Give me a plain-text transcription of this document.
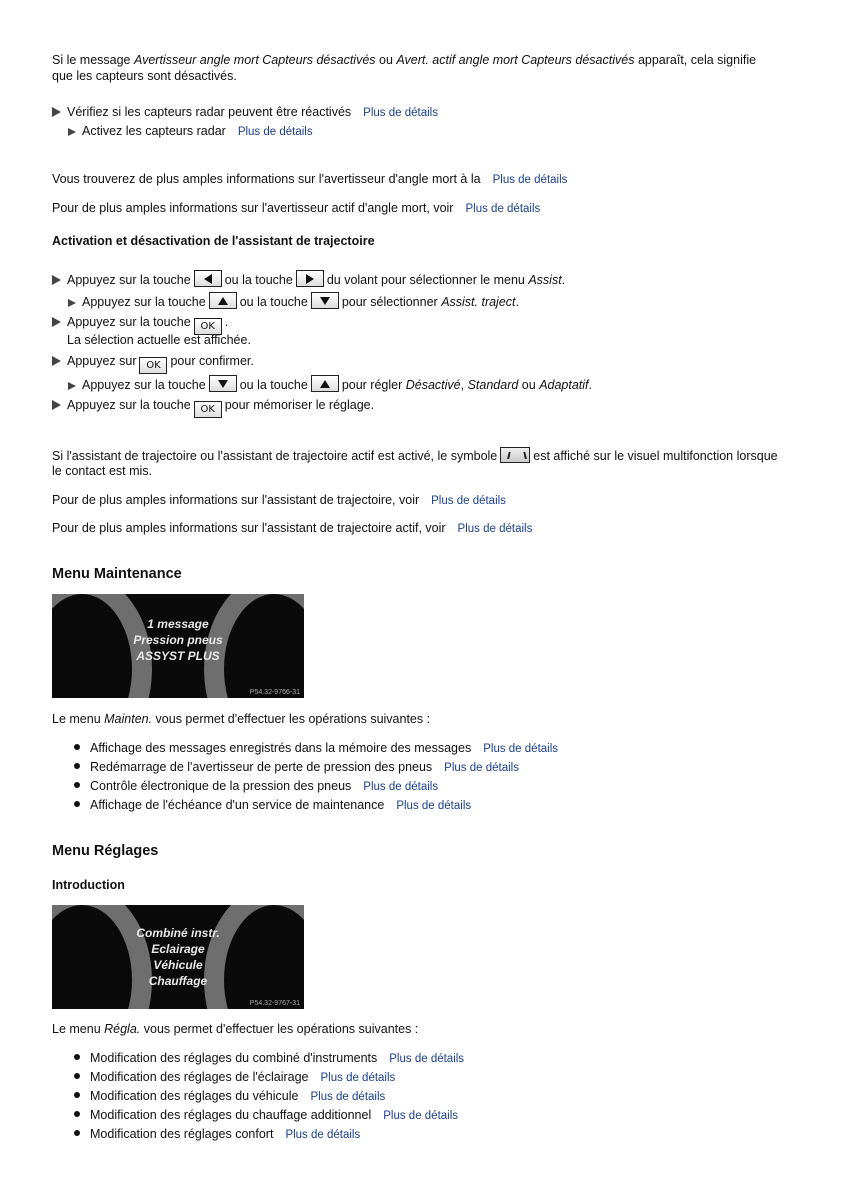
Si le message Avertisseur angle mort Capteurs désactivés ou Avert. actif angle mort Capteurs désactivés apparaît, cela signifie
que les capteurs sont désactivés.
Vérifiez si les capteurs radar peuvent être réactivés Plus de détails
Activez les capteurs radar Plus de détails
Vous trouverez de plus amples informations sur l'avertisseur d'angle mort à la Plus de détails
Pour de plus amples informations sur l'avertisseur actif d'angle mort, voir Plus de détails
Activation et désactivation de l'assistant de trajectoire
Appuyez sur la touche	ou la touche	du volant pour sélectionner le menu Assist.
Appuyez sur la touche	ou la touche	pour sélectionner Assist. traject.
Appuyez sur la touche OK .
La sélection actuelle est affichée.
Appuyez sur OK pour confirmer.
Appuyez sur la touche	ou la touche	pour régler Désactivé, Standard ou Adaptatif.
Appuyez sur la touche OK pour mémoriser le réglage.
Si l'assistant de trajectoire ou l'assistant de trajectoire actif est activé, le symbole	est affiché sur le visuel multifonction lorsque
le contact est mis.
Pour de plus amples informations sur l'assistant de trajectoire, voir Plus de détails
Pour de plus amples informations sur l'assistant de trajectoire actif, voir Plus de détails
Menu Maintenance
1 message
Pression pneus
ASSYST PLUS
P54.32-9766-31
Le menu Mainten. vous permet d'effectuer les opérations suivantes :
Affichage des messages enregistrés dans la mémoire des messages Plus de détails
Redémarrage de l'avertisseur de perte de pression des pneus Plus de détails
Contrôle électronique de la pression des pneus Plus de détails
Affichage de l'échéance d'un service de maintenance Plus de détails
Menu Réglages
Introduction
Combiné instr.
Eclairage
Véhicule
Chauffage
P54.32-9767-31
Le menu Régla. vous permet d'effectuer les opérations suivantes :
Modification des réglages du combiné d'instruments Plus de détails
Modification des réglages de l'éclairage Plus de détails
Modification des réglages du véhicule Plus de détails
Modification des réglages du chauffage additionnel Plus de détails
Modification des réglages confort Plus de détails
